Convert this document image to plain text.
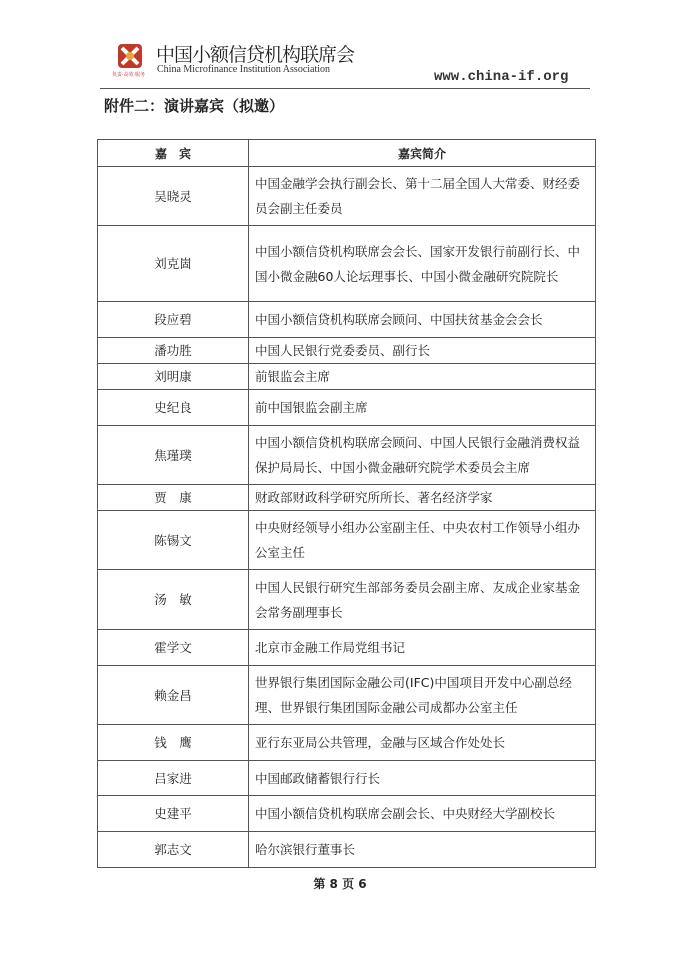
负责·高效·服务
中国小额信贷机构联席会
China Microfinance Institution Association	www.china-if.org
附件二：演讲嘉宾（拟邀）
嘉　宾	嘉宾简介
吴晓灵	中国金融学会执行副会长、第十二届全国人大常委、财经委员会副主任委员
刘克崮	中国小额信贷机构联席会会长、国家开发银行前副行长、中国小微金融60人论坛理事长、中国小微金融研究院院长
段应碧	中国小额信贷机构联席会顾问、中国扶贫基金会会长
潘功胜	中国人民银行党委委员、副行长
刘明康	前银监会主席
史纪良	前中国银监会副主席
焦瑾璞	中国小额信贷机构联席会顾问、中国人民银行金融消费权益保护局局长、中国小微金融研究院学术委员会主席
贾　康	财政部财政科学研究所所长、著名经济学家
陈锡文	中央财经领导小组办公室副主任、中央农村工作领导小组办公室主任
汤　敏	中国人民银行研究生部部务委员会副主席、友成企业家基金会常务副理事长
霍学文	北京市金融工作局党组书记
赖金昌	世界银行集团国际金融公司(IFC)中国项目开发中心副总经理、世界银行集团国际金融公司成都办公室主任
钱　鹰	亚行东亚局公共管理，金融与区域合作处处长
吕家进	中国邮政储蓄银行行长
史建平	中国小额信贷机构联席会副会长、中央财经大学副校长
郭志文	哈尔滨银行董事长
第 8 页 6
